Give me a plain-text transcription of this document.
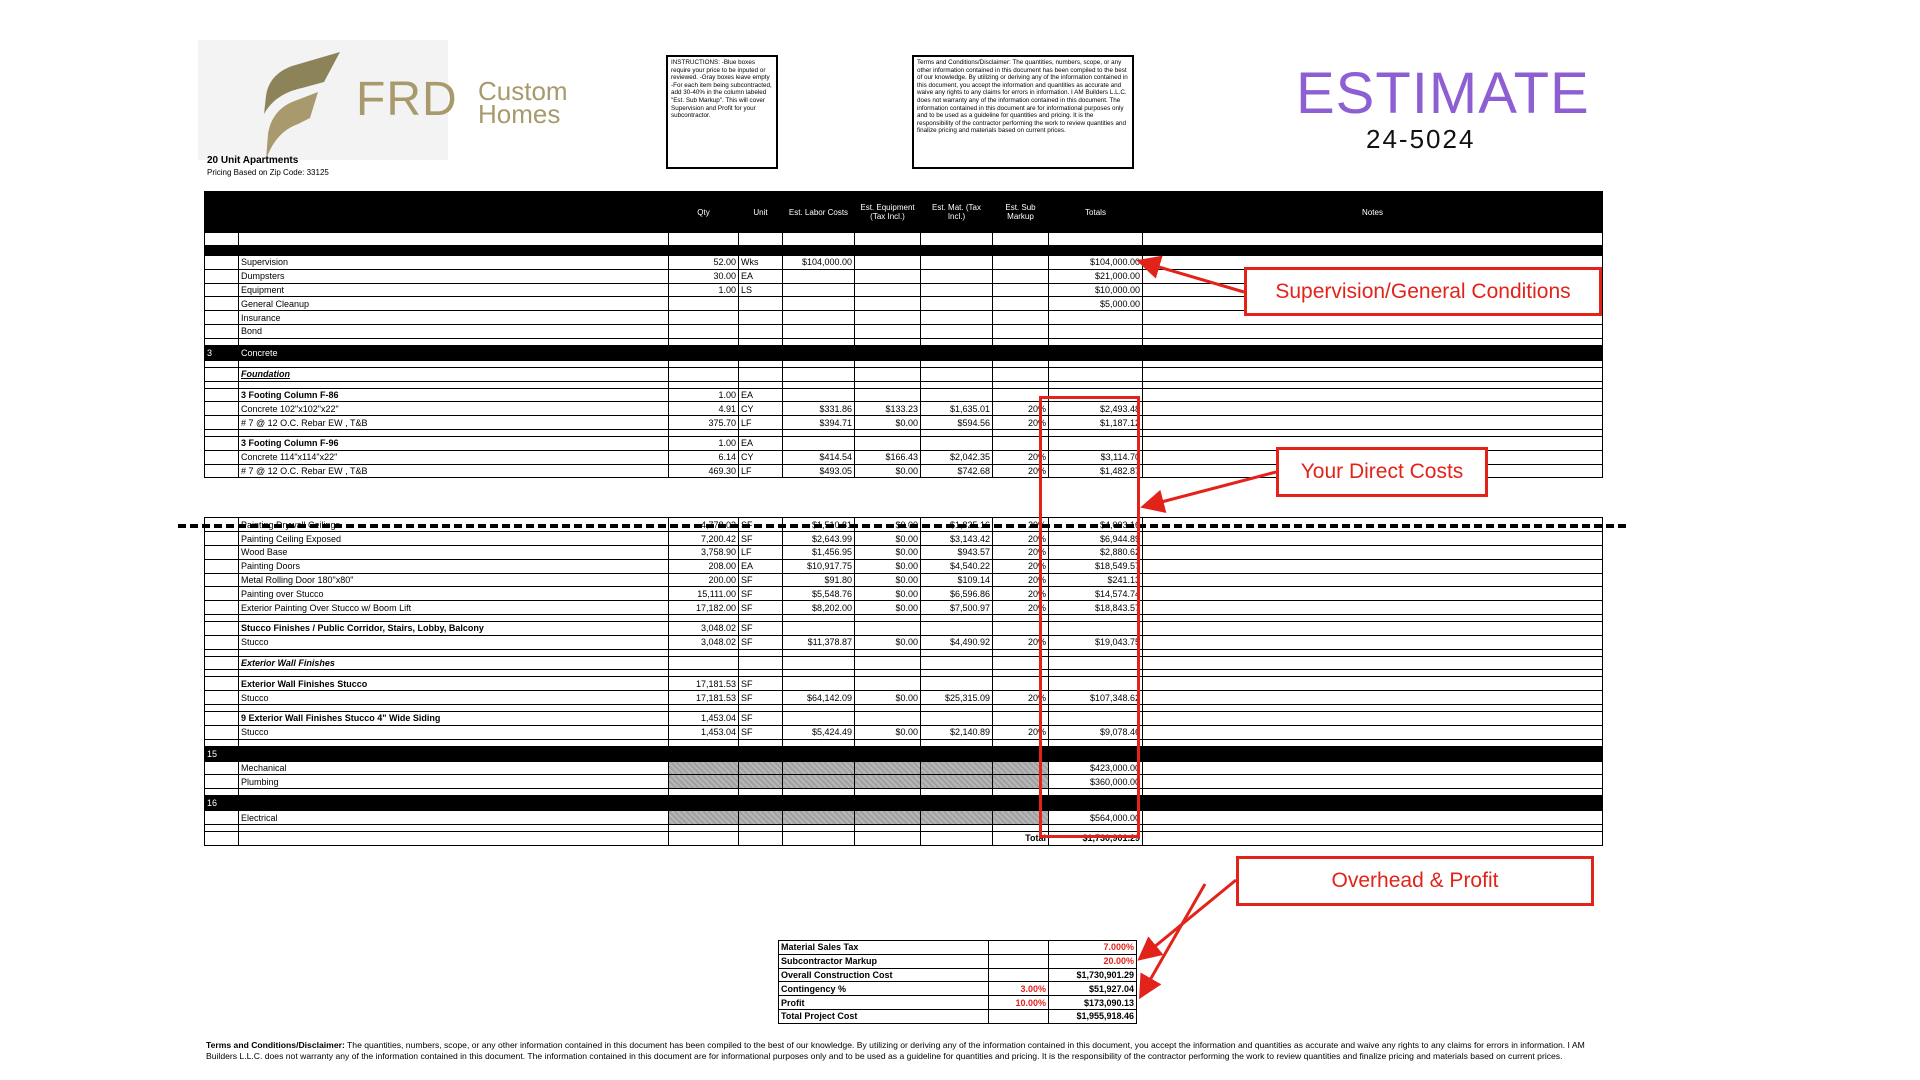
FRD Custom
Homes
20 Unit Apartments
Pricing Based on Zip Code: 33125
INSTRUCTIONS: -Blue boxes require your price to be inputed or reviewed. -Gray boxes leave empty -For each item being subcontracted, add 30-40% in the column labeled "Est. Sub Markup". This will cover Supervision and Profit for your subcontractor.
Terms and Conditions/Disclaimer: The quantities, numbers, scope, or any other information contained in this document has been compiled to the best of our knowledge. By utilizing or deriving any of the information contained in this document, you accept the information and quantities as accurate and waive any rights to any claims for errors in information. I AM Builders L.L.C. does not warranty any of the information contained in this document. The information contained in this document are for informational purposes only and to be used as a guideline for quantities and pricing. It is the responsibility of the contractor performing the work to review quantities and finalize pricing and materials based on current prices.
ESTIMATE
24-5024
		Qty	Unit	Est. Labor Costs	Est. Equipment (Tax Incl.)	Est. Mat. (Tax Incl.)	Est. Sub Markup	Totals	Notes

	Supervision	52.00	Wks	$104,000.00				$104,000.00	
	Dumpsters	30.00	EA					$21,000.00	
	Equipment	1.00	LS					$10,000.00	
	General Cleanup							$5,000.00	
	Insurance								
	Bond								

3	Concrete								

	Foundation								

	3 Footing Column F-86	1.00	EA						
	Concrete 102"x102"x22"	4.91	CY	$331.86	$133.23	$1,635.01	20%	$2,493.48	
	# 7 @ 12 O.C. Rebar EW , T&B	375.70	LF	$394.71	$0.00	$594.56	20%	$1,187.12	

	3 Footing Column F-96	1.00	EA						
	Concrete 114"x114"x22"	6.14	CY	$414.54	$166.43	$2,042.35	20%	$3,114.70	
	# 7 @ 12 O.C. Rebar EW , T&B	469.30	LF	$493.05	$0.00	$742.68	20%	$1,482.87	

	Painting Drywall Ceilings	4,778.02	SF	$1,510.81	$0.00	$1,825.16	20%	$4,003.16	
	Painting Ceiling Exposed	7,200.42	SF	$2,643.99	$0.00	$3,143.42	20%	$6,944.89	
	Wood Base	3,758.90	LF	$1,456.95	$0.00	$943.57	20%	$2,880.62	
	Painting Doors	208.00	EA	$10,917.75	$0.00	$4,540.22	20%	$18,549.57	
	Metal Rolling Door 180"x80"	200.00	SF	$91.80	$0.00	$109.14	20%	$241.13	
	Painting over Stucco	15,111.00	SF	$5,548.76	$0.00	$6,596.86	20%	$14,574.74	
	Exterior Painting Over Stucco w/ Boom Lift	17,182.00	SF	$8,202.00	$0.00	$7,500.97	20%	$18,843.57	

	Stucco Finishes / Public Corridor, Stairs, Lobby, Balcony	3,048.02	SF						
	Stucco	3,048.02	SF	$11,378.87	$0.00	$4,490.92	20%	$19,043.75	

	Exterior Wall Finishes								

	Exterior Wall Finishes Stucco	17,181.53	SF						
	Stucco	17,181.53	SF	$64,142.09	$0.00	$25,315.09	20%	$107,348.62	

	9 Exterior Wall Finishes Stucco 4" Wide Siding	1,453.04	SF						
	Stucco	1,453.04	SF	$5,424.49	$0.00	$2,140.89	20%	$9,078.46	

15									
	Mechanical							$423,000.00	
	Plumbing							$360,000.00	

16									
	Electrical							$564,000.00	

							Total	$1,730,901.29	
Material Sales Tax		7.000%
Subcontractor Markup		20.00%
Overall Construction Cost		$1,730,901.29
Contingency %	3.00%	$51,927.04
Profit	10.00%	$173,090.13
Total Project Cost		$1,955,918.46
Terms and Conditions/Disclaimer: The quantities, numbers, scope, or any other information contained in this document has been compiled to the best of our knowledge. By utilizing or deriving any of the information contained in this document, you accept the information and quantities as accurate and waive any rights to any claims for errors in information. I AM Builders L.L.C. does not warranty any of the information contained in this document. The information contained in this document are for informational purposes only and to be used as a guideline for quantities and pricing. It is the responsibility of the contractor performing the work to review quantities and finalize pricing and materials based on current prices.
Supervision/General Conditions
Your Direct Costs
Overhead & Profit
